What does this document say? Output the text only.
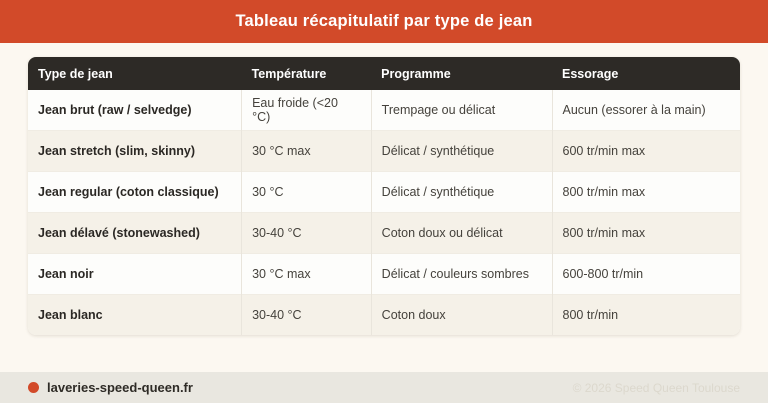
Tableau récapitulatif par type de jean
Type de jean	Température	Programme	Essorage
Jean brut (raw / selvedge)	Eau froide (<20 °C)	Trempage ou délicat	Aucun (essorer à la main)
Jean stretch (slim, skinny)	30 °C max	Délicat / synthétique	600 tr/min max
Jean regular (coton classique)	30 °C	Délicat / synthétique	800 tr/min max
Jean délavé (stonewashed)	30-40 °C	Coton doux ou délicat	800 tr/min max
Jean noir	30 °C max	Délicat / couleurs sombres	600-800 tr/min
Jean blanc	30-40 °C	Coton doux	800 tr/min
laveries-speed-queen.fr	© 2026 Speed Queen Toulouse
